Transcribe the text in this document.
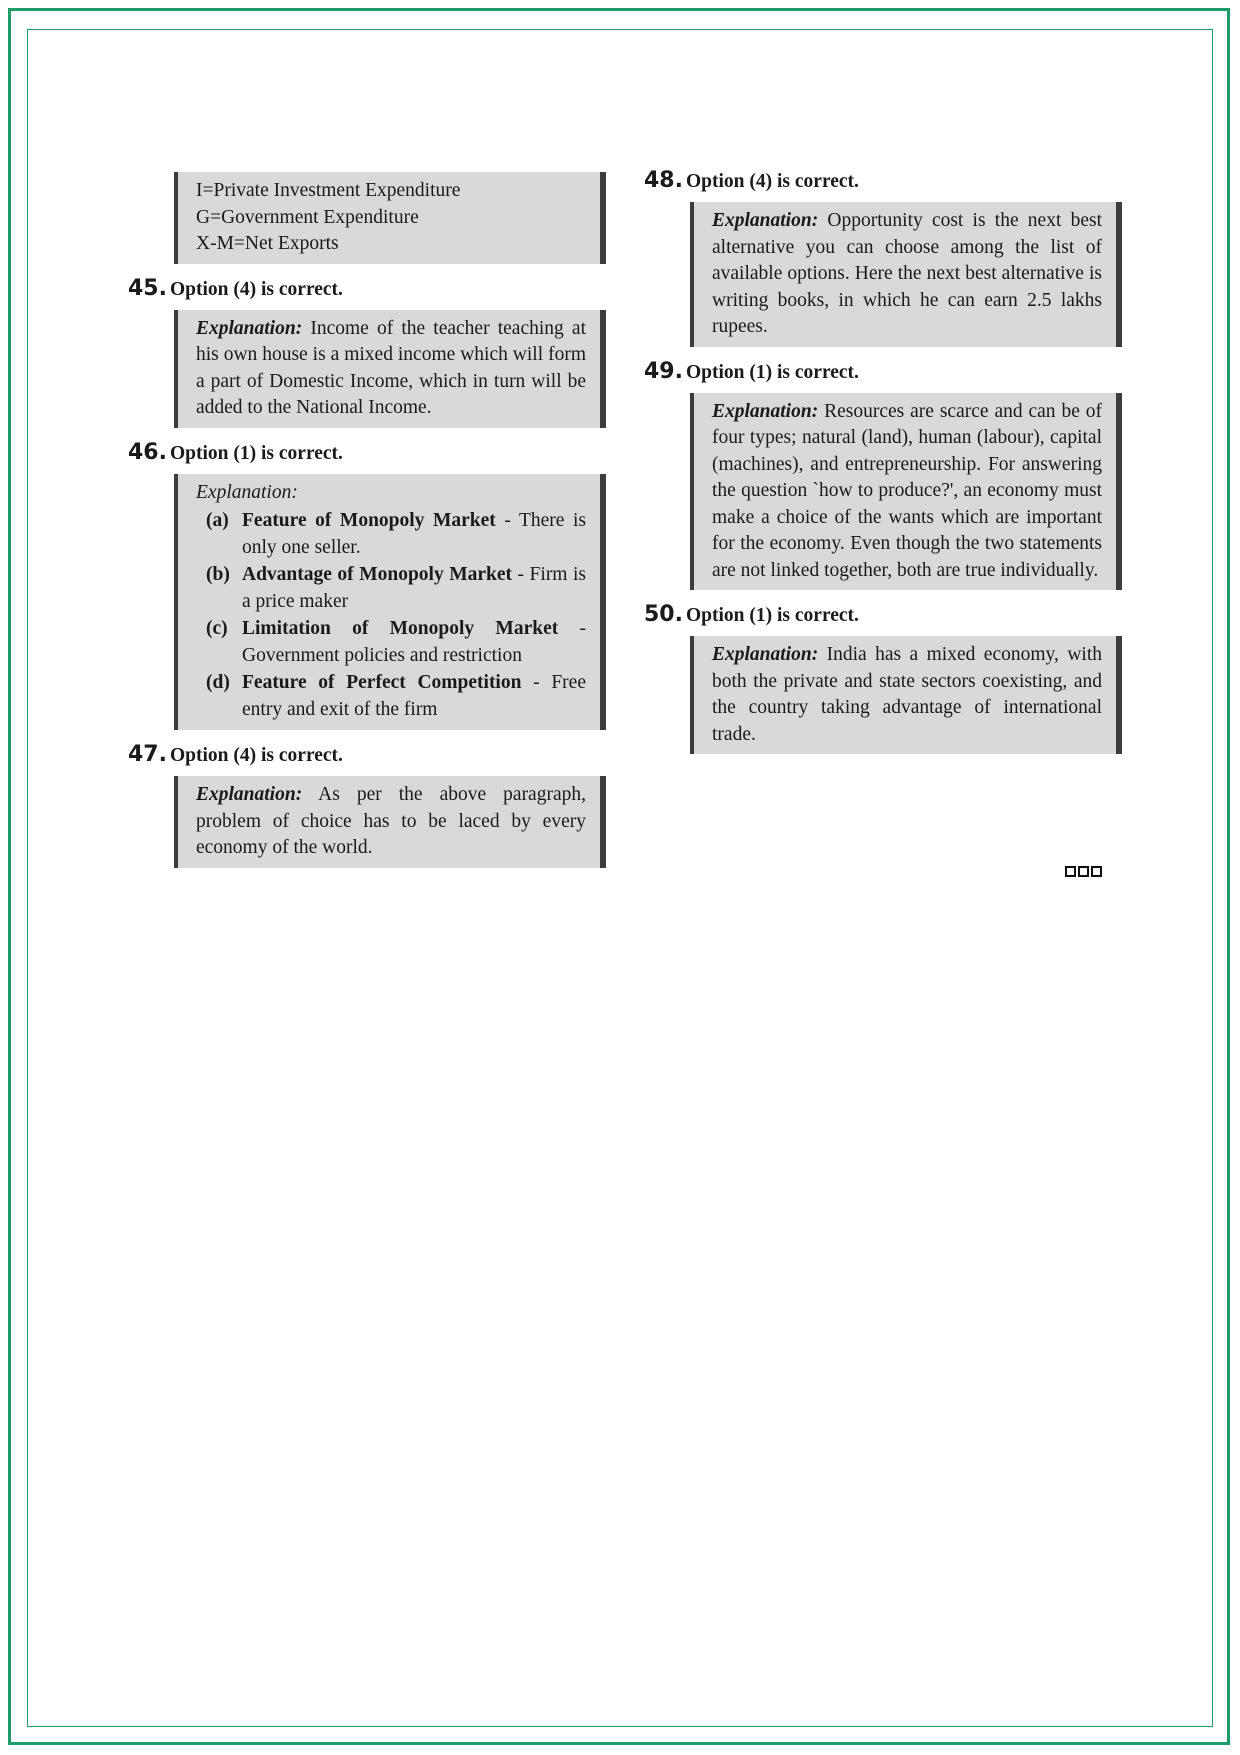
I=Private Investment Expenditure
G=Government Expenditure
X-M=Net Exports
45. Option (4) is correct.
Explanation: Income of the teacher teaching at his own house is a mixed income which will form a part of Domestic Income, which in turn will be added to the National Income.
46. Option (1) is correct.
Explanation:
(a) Feature of Monopoly Market - There is only one seller.
(b) Advantage of Monopoly Market - Firm is a price maker
(c) Limitation of Monopoly Market - Government policies and restriction
(d) Feature of Perfect Competition - Free entry and exit of the firm
47. Option (4) is correct.
Explanation: As per the above paragraph, problem of choice has to be laced by every economy of the world.
48. Option (4) is correct.
Explanation: Opportunity cost is the next best alternative you can choose among the list of available options. Here the next best alternative is writing books, in which he can earn 2.5 lakhs rupees.
49. Option (1) is correct.
Explanation: Resources are scarce and can be of four types; natural (land), human (labour), capital (machines), and entrepreneurship. For answering the question `how to produce?', an economy must make a choice of the wants which are important for the economy. Even though the two statements are not linked together, both are true individually.
50. Option (1) is correct.
Explanation: India has a mixed economy, with both the private and state sectors coexisting, and the country taking advantage of international trade.
